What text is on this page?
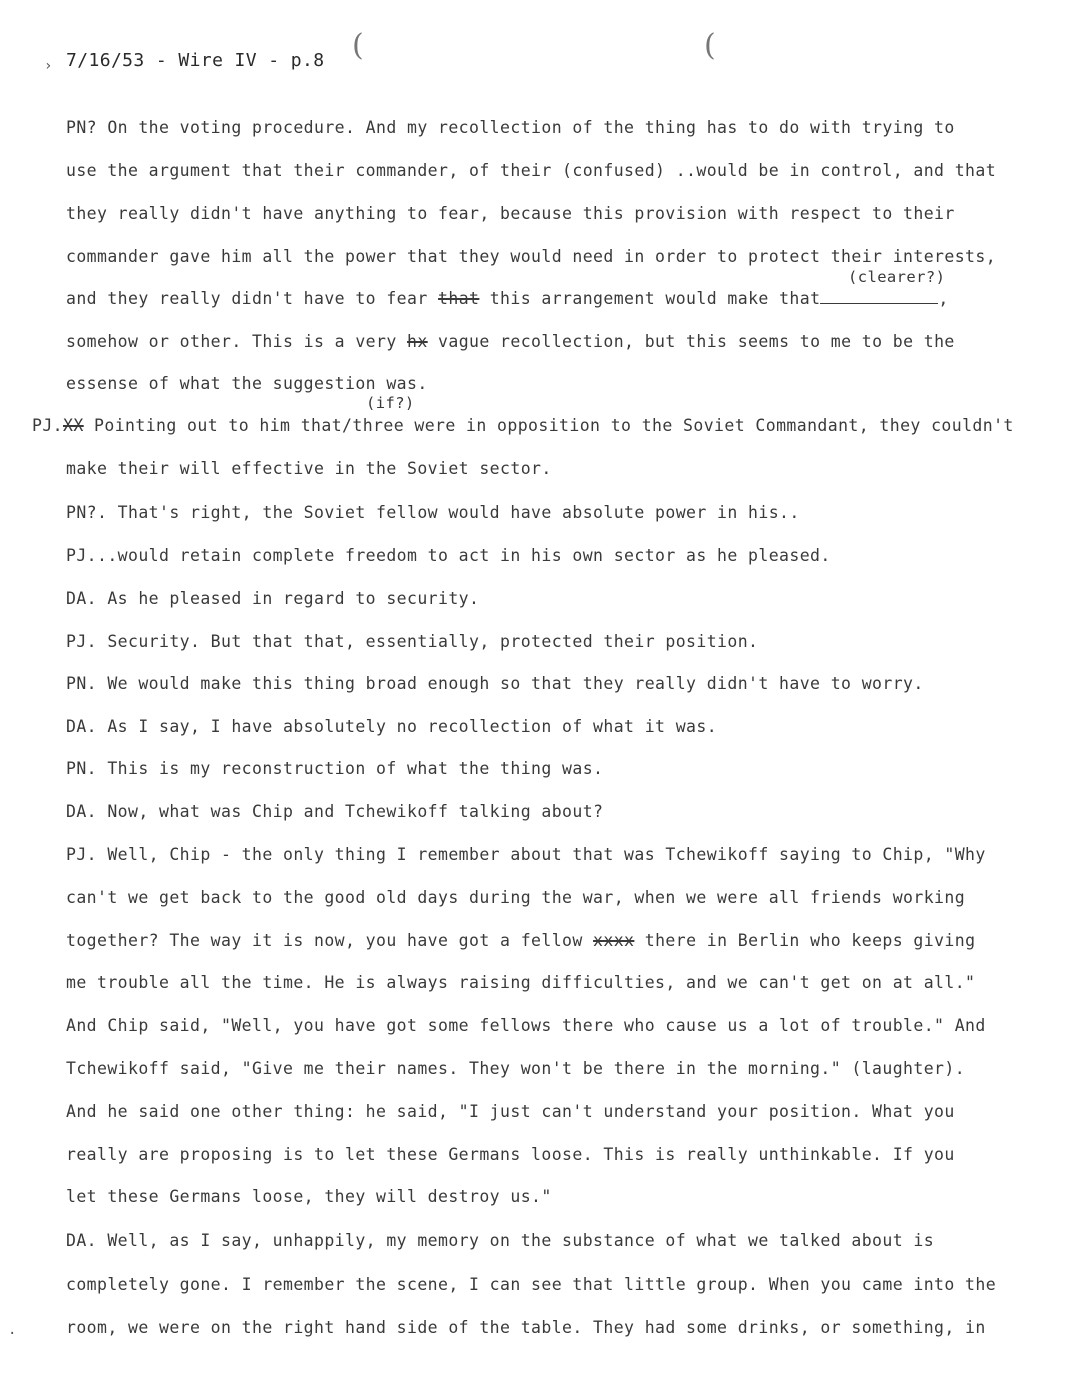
7/16/53 - Wire IV - p.8 (	(
›
PN? On the voting procedure. And my recollection of the thing has to do with trying to
use the argument that their commander, of their (confused) ..would be in control, and that
they really didn't have anything to fear, because this provision with respect to their
commander gave him all the power that they would need in order to protect their interests,
(clearer?)
and they really didn't have to fear that this arrangement would make that	,
somehow or other. This is a very hx vague recollection, but this seems to me to be the
essense of what the suggestion was.
(if?)
PJ.XX Pointing out to him that/three were in opposition to the Soviet Commandant, they couldn't
make their will effective in the Soviet sector.
PN?. That's right, the Soviet fellow would have absolute power in his..
PJ...would retain complete freedom to act in his own sector as he pleased.
DA. As he pleased in regard to security.
PJ. Security. But that that, essentially, protected their position.
PN. We would make this thing broad enough so that they really didn't have to worry.
DA. As I say, I have absolutely no recollection of what it was.
PN. This is my reconstruction of what the thing was.
DA. Now, what was Chip and Tchewikoff talking about?
PJ. Well, Chip - the only thing I remember about that was Tchewikoff saying to Chip, "Why
can't we get back to the good old days during the war, when we were all friends working
together? The way it is now, you have got a fellow xxxx there in Berlin who keeps giving
me trouble all the time. He is always raising difficulties, and we can't get on at all."
And Chip said, "Well, you have got some fellows there who cause us a lot of trouble." And
Tchewikoff said, "Give me their names. They won't be there in the morning." (laughter).
And he said one other thing: he said, "I just can't understand your position. What you
really are proposing is to let these Germans loose. This is really unthinkable. If you
let these Germans loose, they will destroy us."
DA. Well, as I say, unhappily, my memory on the substance of what we talked about is
completely gone. I remember the scene, I can see that little group. When you came into the
room, we were on the right hand side of the table. They had some drinks, or something, in
·
